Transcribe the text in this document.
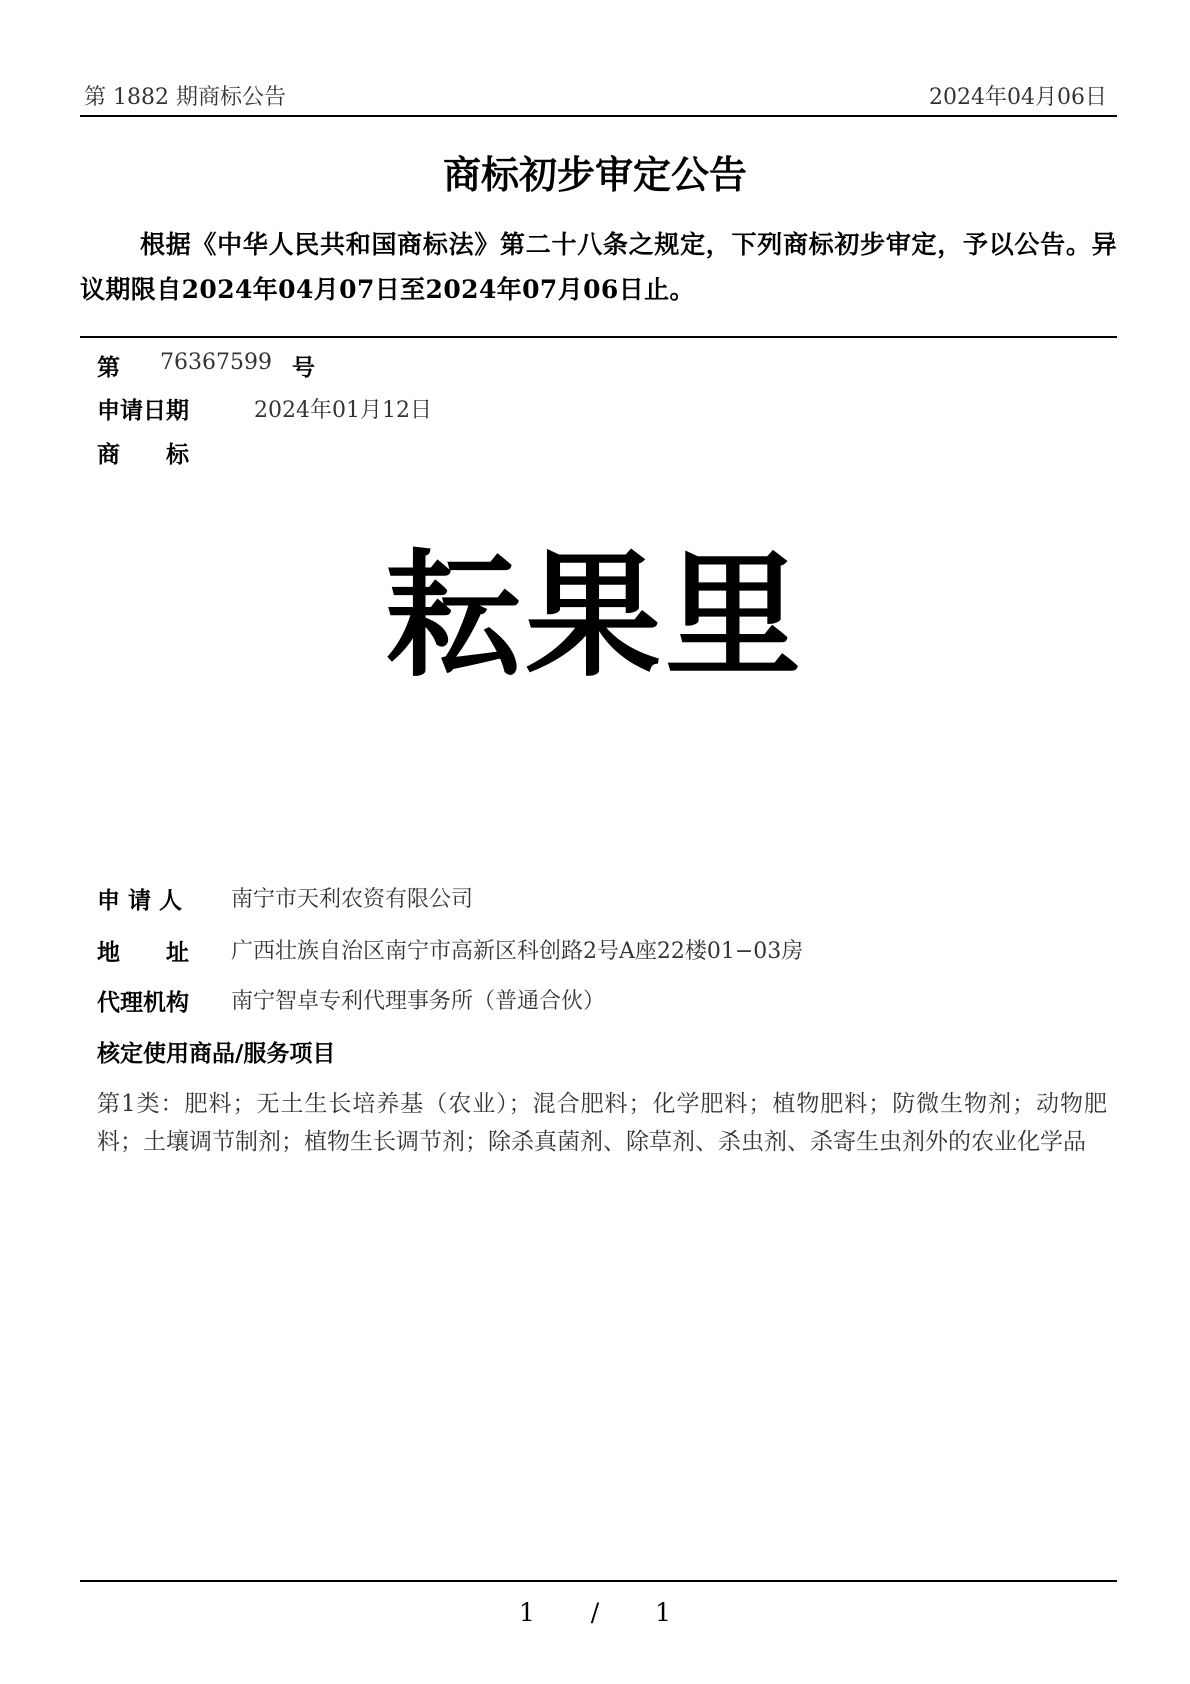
第 1882 期商标公告	2024年04月06日
商标初步审定公告
根据《中华人民共和国商标法》第二十八条之规定，下列商标初步审定，予以公告。异议期限自2024年04月07日至2024年07月06日止。
第 76367599 号
申请日期	2024年01月12日
商　　标
耘果里
申 请 人 南宁市天利农资有限公司
地　　址 广西壮族自治区南宁市高新区科创路2号A座22楼01−03房
代理机构 南宁智卓专利代理事务所（普通合伙）
核定使用商品/服务项目
第1类：肥料；无土生长培养基（农业）；混合肥料；化学肥料；植物肥料；防微生物剂；动物肥料；土壤调节制剂；植物生长调节剂；除杀真菌剂、除草剂、杀虫剂、杀寄生虫剂外的农业化学品
1 / 1
